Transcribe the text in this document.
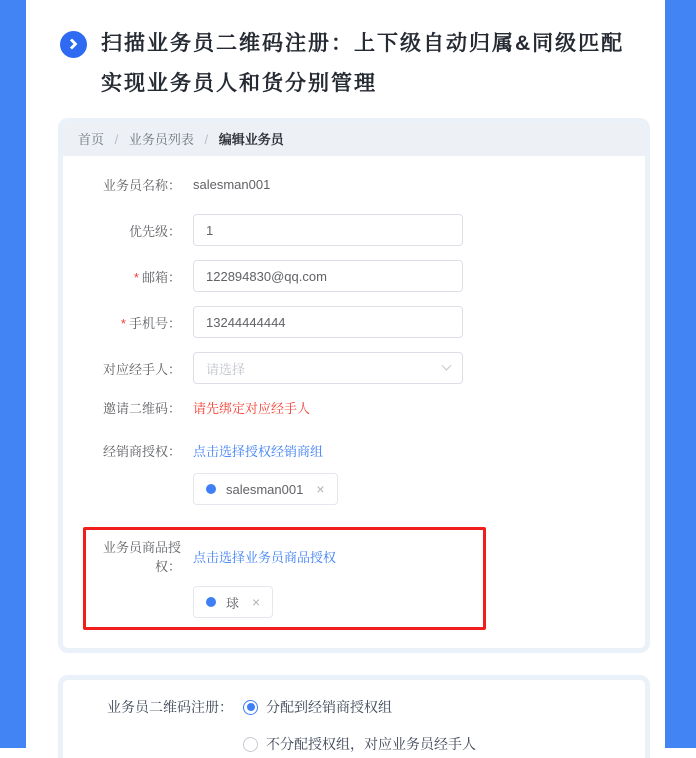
扫描业务员二维码注册：上下级自动归属&同级匹配
实现业务员人和货分别管理
首页 / 业务员列表 / 编辑业务员
业务员名称： salesman001
优先级：
1
* 邮箱：
122894830@qq.com
* 手机号：
13244444444
对应经手人：	请选择
邀请二维码： 请先绑定对应经手人
经销商授权： 点击选择授权经销商组
salesman001 ×
业务员商品授权：
点击选择业务员商品授权
球 ×
业务员二维码注册： 分配到经销商授权组
不分配授权组，对应业务员经手人
